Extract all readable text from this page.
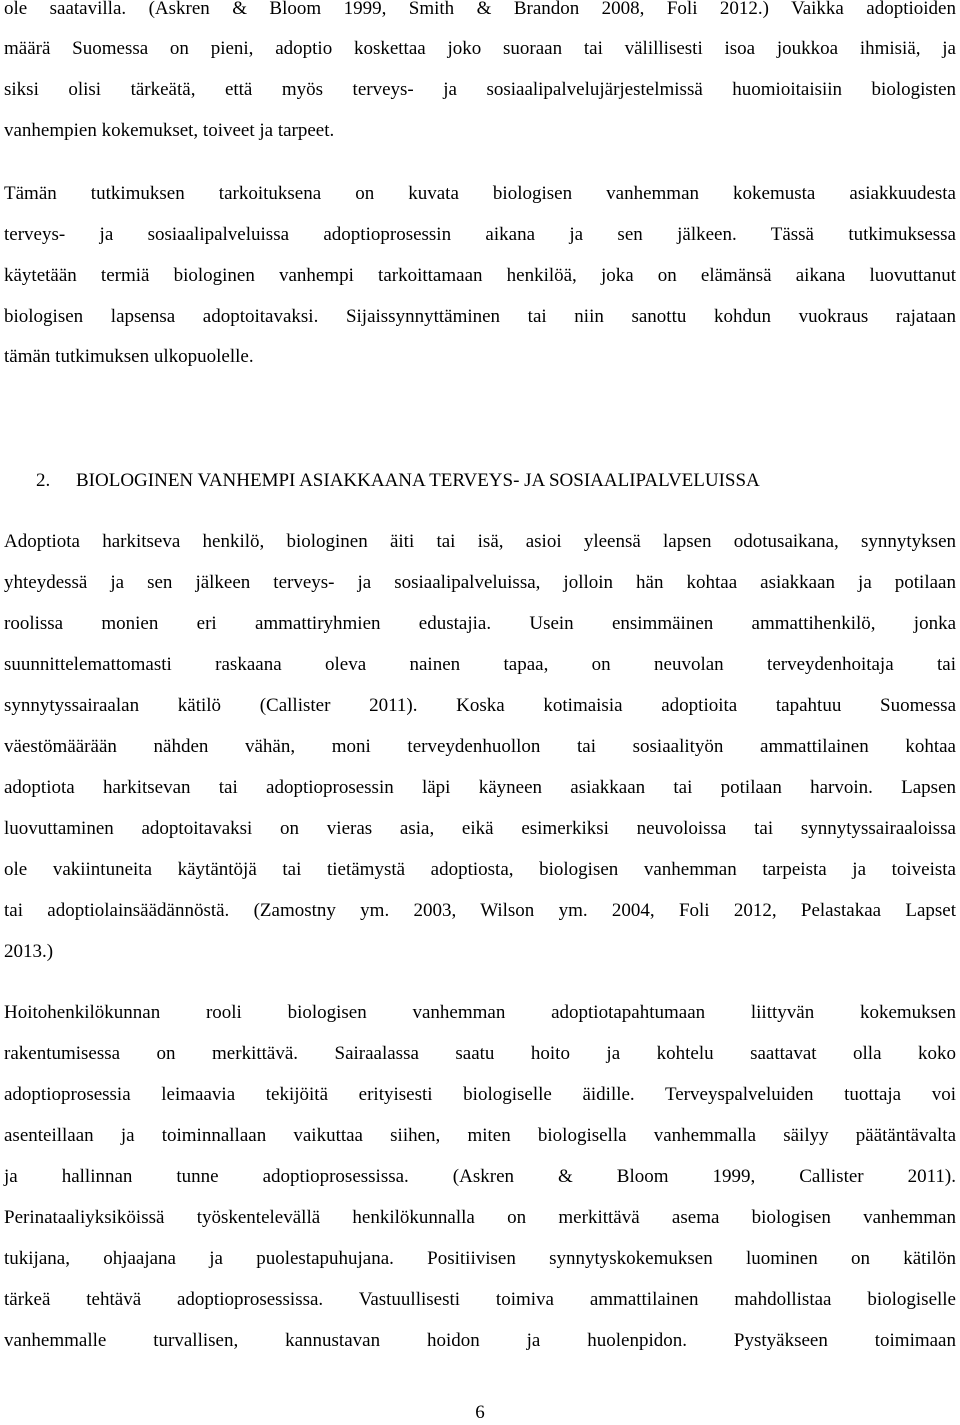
ole saatavilla. (Askren & Bloom 1999, Smith & Brandon 2008, Foli 2012.) Vaikka adoptioiden

määrä Suomessa on pieni, adoptio koskettaa joko suoraan tai välillisesti isoa joukkoa ihmisiä, ja

siksi olisi tärkeätä, että myös terveys- ja sosiaalipalvelujärjestelmissä huomioitaisiin biologisten

vanhempien kokemukset, toiveet ja tarpeet.

Tämän tutkimuksen tarkoituksena on kuvata biologisen vanhemman kokemusta asiakkuudesta

terveys- ja sosiaalipalveluissa adoptioprosessin aikana ja sen jälkeen. Tässä tutkimuksessa

käytetään termiä biologinen vanhempi tarkoittamaan henkilöä, joka on elämänsä aikana luovuttanut

biologisen lapsensa adoptoitavaksi. Sijaissynnyttäminen tai niin sanottu kohdun vuokraus rajataan

tämän tutkimuksen ulkopuolelle.

2. BIOLOGINEN VANHEMPI ASIAKKAANA TERVEYS- JA SOSIAALIPALVELUISSA

Adoptiota harkitseva henkilö, biologinen äiti tai isä, asioi yleensä lapsen odotusaikana, synnytyksen

yhteydessä ja sen jälkeen terveys- ja sosiaalipalveluissa, jolloin hän kohtaa asiakkaan ja potilaan

roolissa monien eri ammattiryhmien edustajia. Usein ensimmäinen ammattihenkilö, jonka

suunnittelemattomasti raskaana oleva nainen tapaa, on neuvolan terveydenhoitaja tai

synnytyssairaalan kätilö (Callister 2011). Koska kotimaisia adoptioita tapahtuu Suomessa

väestömäärään nähden vähän, moni terveydenhuollon tai sosiaalityön ammattilainen kohtaa

adoptiota harkitsevan tai adoptioprosessin läpi käyneen asiakkaan tai potilaan harvoin. Lapsen

luovuttaminen adoptoitavaksi on vieras asia, eikä esimerkiksi neuvoloissa tai synnytyssairaaloissa

ole vakiintuneita käytäntöjä tai tietämystä adoptiosta, biologisen vanhemman tarpeista ja toiveista

tai adoptiolainsäädännöstä. (Zamostny ym. 2003, Wilson ym. 2004, Foli 2012, Pelastakaa Lapset

2013.)

Hoitohenkilökunnan rooli biologisen vanhemman adoptiotapahtumaan liittyvän kokemuksen

rakentumisessa on merkittävä. Sairaalassa saatu hoito ja kohtelu saattavat olla koko

adoptioprosessia leimaavia tekijöitä erityisesti biologiselle äidille. Terveyspalveluiden tuottaja voi

asenteillaan ja toiminnallaan vaikuttaa siihen, miten biologisella vanhemmalla säilyy päätäntävalta

ja hallinnan tunne adoptioprosessissa. (Askren & Bloom 1999, Callister 2011).

Perinataaliyksiköissä työskentelevällä henkilökunnalla on merkittävä asema biologisen vanhemman

tukijana, ohjaajana ja puolestapuhujana. Positiivisen synnytyskokemuksen luominen on kätilön

tärkeä tehtävä adoptioprosessissa. Vastuullisesti toimiva ammattilainen mahdollistaa biologiselle

vanhemmalle turvallisen, kannustavan hoidon ja huolenpidon. Pystyäkseen toimimaan

6
